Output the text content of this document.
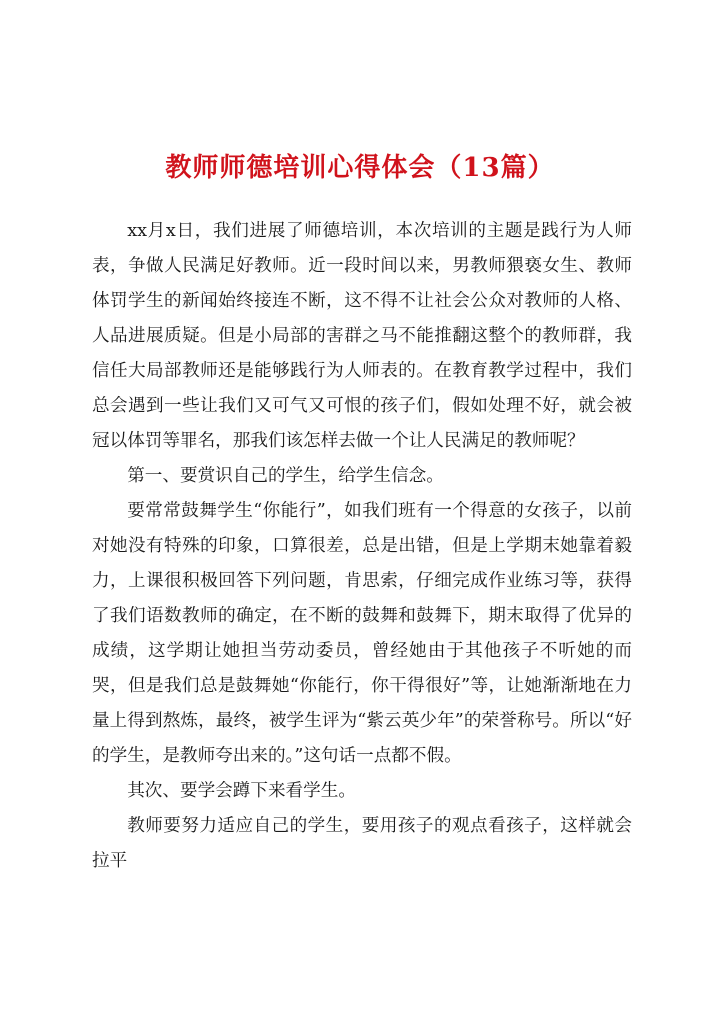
教师师德培训心得体会（13篇）

xx月x日，我们进展了师德培训，本次培训的主题是践行为人师表，争做人民满足好教师。近一段时间以来，男教师猥亵女生、教师体罚学生的新闻始终接连不断，这不得不让社会公众对教师的人格、人品进展质疑。但是小局部的害群之马不能推翻这整个的教师群，我信任大局部教师还是能够践行为人师表的。在教育教学过程中，我们总会遇到一些让我们又可气又可恨的孩子们，假如处理不好，就会被冠以体罚等罪名，那我们该怎样去做一个让人民满足的教师呢？

第一、要赏识自己的学生，给学生信念。

要常常鼓舞学生“你能行”，如我们班有一个得意的女孩子，以前对她没有特殊的印象，口算很差，总是出错，但是上学期末她靠着毅力，上课很积极回答下列问题，肯思索，仔细完成作业练习等，获得了我们语数教师的确定，在不断的鼓舞和鼓舞下，期末取得了优异的成绩，这学期让她担当劳动委员，曾经她由于其他孩子不听她的而哭，但是我们总是鼓舞她“你能行，你干得很好”等，让她渐渐地在力量上得到熬炼，最终，被学生评为“紫云英少年”的荣誉称号。所以“好的学生，是教师夸出来的。”这句话一点都不假。

其次、要学会蹲下来看学生。

教师要努力适应自己的学生，要用孩子的观点看孩子，这样就会拉平
